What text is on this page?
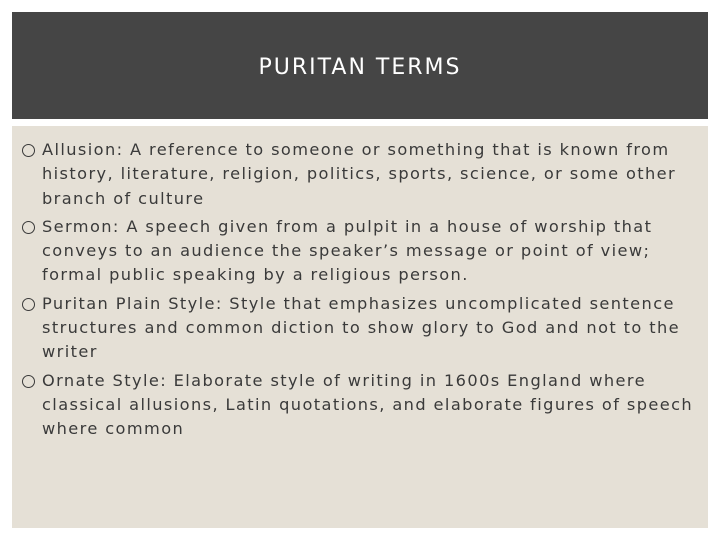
PURITAN TERMS
Allusion: A reference to someone or something that is known from history, literature, religion, politics, sports, science, or some other branch of culture
Sermon: A speech given from a pulpit in a house of worship that conveys to an audience the speaker’s message or point of view; formal public speaking by a religious person.
Puritan Plain Style: Style that emphasizes uncomplicated sentence structures and common diction to show glory to God and not to the writer
Ornate Style: Elaborate style of writing in 1600s England where classical allusions, Latin quotations, and elaborate figures of speech where common
